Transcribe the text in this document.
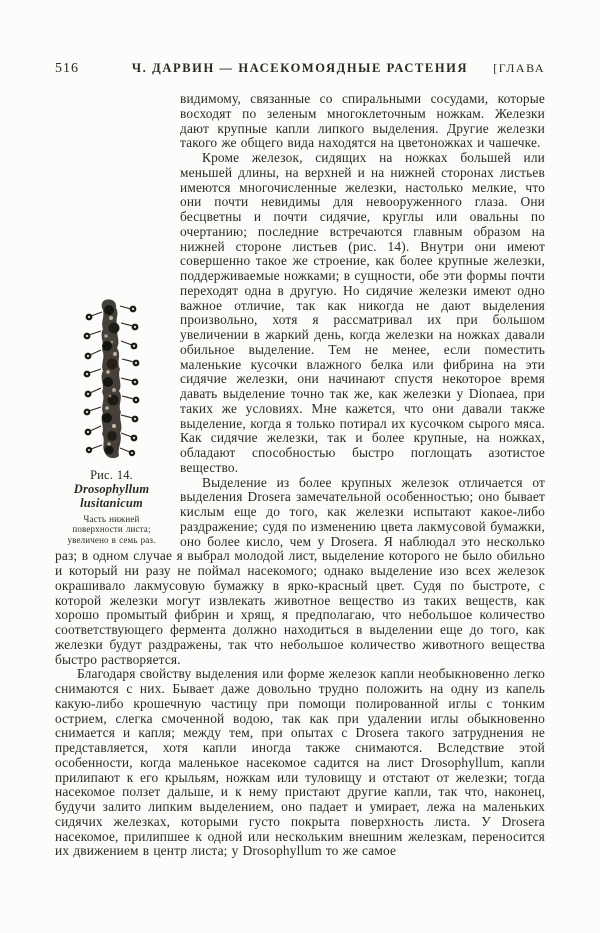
516	Ч. ДАРВИН — НАСЕКОМОЯДНЫЕ РАСТЕНИЯ	[ГЛАВА
Рис. 14.
Drosophyllum
lusitanicum
Часть нижней поверхности листа; увеличено в семь раз.

видимому, связанные со спиральными сосудами, которые восходят по зеленым многоклеточным ножкам. Железки дают крупные капли липкого выделения. Другие железки такого же общего вида находятся на цветоножках и чашечке.

Кроме железок, сидящих на ножках большей или меньшей длины, на верхней и на нижней сторонах листьев имеются многочисленные железки, настолько мелкие, что они почти невидимы для невооруженного глаза. Они бесцветны и почти сидячие, круглы или овальны по очертанию; последние встречаются главным образом на нижней стороне листьев (рис. 14). Внутри они имеют совершенно такое же строение, как более крупные железки, поддерживаемые ножками; в сущности, обе эти формы почти переходят одна в другую. Но сидячие железки имеют одно важное отличие, так как никогда не дают выделения произвольно, хотя я рассматривал их при большом увеличении в жаркий день, когда железки на ножках давали обильное выделение. Тем не менее, если поместить маленькие кусочки влажного белка или фибрина на эти сидячие железки, они начинают спустя некоторое время давать выделение точно так же, как железки у Dionaea, при таких же условиях. Мне кажется, что они давали также выделение, когда я только потирал их кусочком сырого мяса. Как сидячие железки, так и более крупные, на ножках, обладают способностью быстро поглощать азотистое вещество.

Выделение из более крупных железок отличается от выделения Drosera замечательной особенностью; оно бывает кислым еще до того, как железки испытают какое-либо раздражение; судя по изменению цвета лакмусовой бумажки, оно более кисло, чем у Drosera. Я наблюдал это несколько раз; в одном случае я выбрал молодой лист, выделение которого не было обильно и который ни разу не поймал насекомого; однако выделение изо всех железок окрашивало лакмусовую бумажку в ярко-красный цвет. Судя по быстроте, с которой железки могут извлекать животное вещество из таких веществ, как хорошо промытый фибрин и хрящ, я предполагаю, что небольшое количество соответствующего фермента должно находиться в выделении еще до того, как железки будут раздражены, так что небольшое количество животного вещества быстро растворяется.

Благодаря свойству выделения или форме железок капли необыкновенно легко снимаются с них. Бывает даже довольно трудно положить на одну из капель какую-либо крошечную частицу при помощи полированной иглы с тонким острием, слегка смоченной водою, так как при удалении иглы обыкновенно снимается и капля; между тем, при опытах с Drosera такого затруднения не представляется, хотя капли иногда также снимаются. Вследствие этой особенности, когда маленькое насекомое садится на лист Drosophyllum, капли прилипают к его крыльям, ножкам или туловищу и отстают от железки; тогда насекомое ползет дальше, и к нему пристают другие капли, так что, наконец, будучи залито липким выделением, оно падает и умирает, лежа на маленьких сидячих железках, которыми густо покрыта поверхность листа. У Drosera насекомое, прилипшее к одной или нескольким внешним железкам, переносится их движением в центр листа; у Drosophyllum то же самое
